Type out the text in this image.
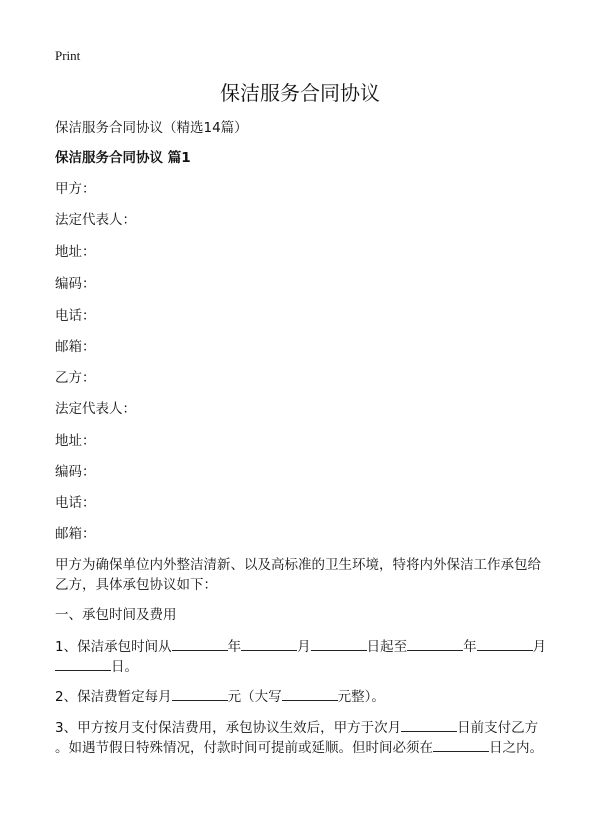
Print
保洁服务合同协议
保洁服务合同协议（精选14篇）
保洁服务合同协议 篇1
甲方：
法定代表人：
地址：
编码：
电话：
邮箱：
乙方：
法定代表人：
地址：
编码：
电话：
邮箱：
甲方为确保单位内外整洁清新、以及高标准的卫生环境，特将内外保洁工作承包给
乙方，具体承包协议如下：
一、承包时间及费用
1、保洁承包时间从	年	月	日起至	年	月
日。
2、保洁费暂定每月	元（大写	元整）。
3、甲方按月支付保洁费用，承包协议生效后，甲方于次月	日前支付乙方
。如遇节假日特殊情况，付款时间可提前或延顺。但时间必须在	日之内。
